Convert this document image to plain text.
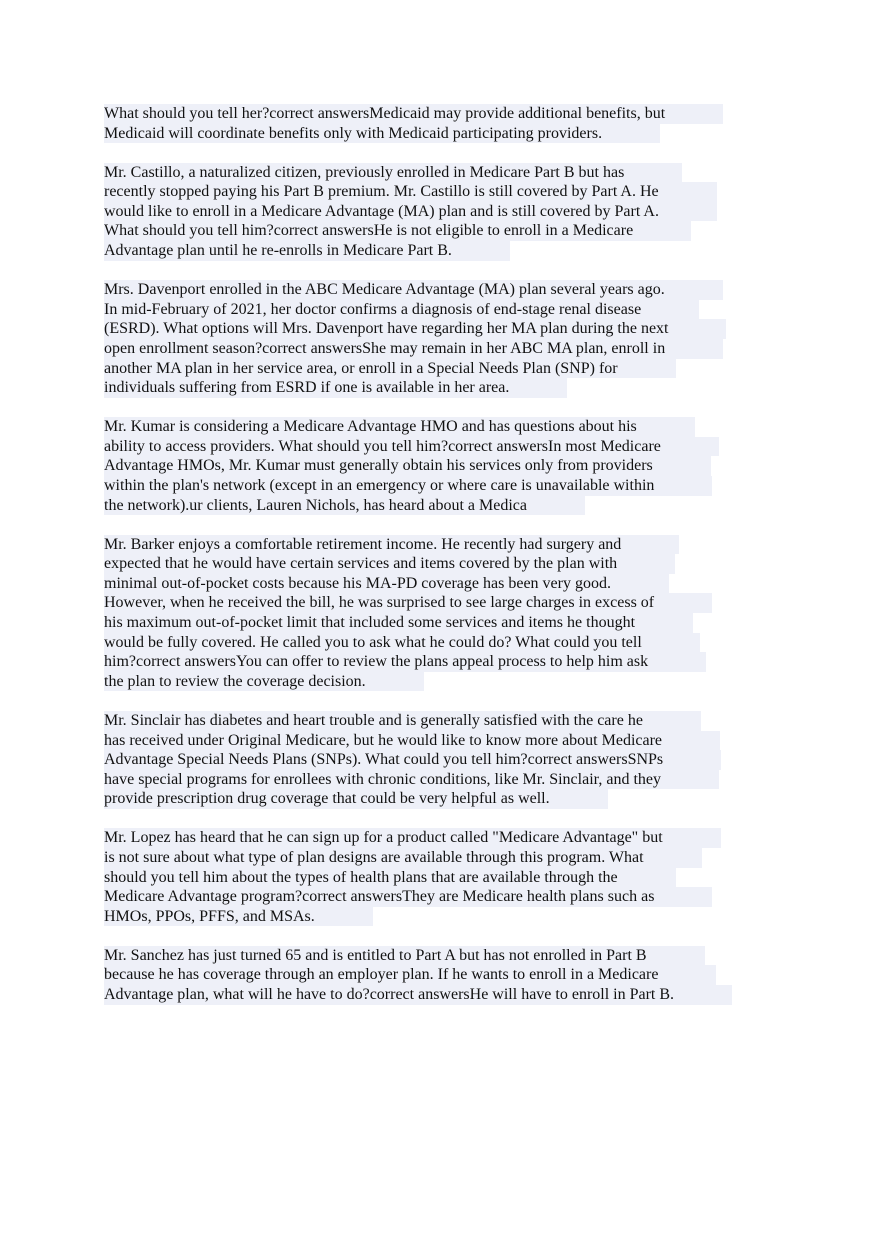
What should you tell her?correct answersMedicaid may provide additional benefits, but
Medicaid will coordinate benefits only with Medicaid participating providers.

Mr. Castillo, a naturalized citizen, previously enrolled in Medicare Part B but has
recently stopped paying his Part B premium. Mr. Castillo is still covered by Part A. He
would like to enroll in a Medicare Advantage (MA) plan and is still covered by Part A.
What should you tell him?correct answersHe is not eligible to enroll in a Medicare
Advantage plan until he re-enrolls in Medicare Part B.

Mrs. Davenport enrolled in the ABC Medicare Advantage (MA) plan several years ago.
In mid-February of 2021, her doctor confirms a diagnosis of end-stage renal disease
(ESRD). What options will Mrs. Davenport have regarding her MA plan during the next
open enrollment season?correct answersShe may remain in her ABC MA plan, enroll in
another MA plan in her service area, or enroll in a Special Needs Plan (SNP) for
individuals suffering from ESRD if one is available in her area.

Mr. Kumar is considering a Medicare Advantage HMO and has questions about his
ability to access providers. What should you tell him?correct answersIn most Medicare
Advantage HMOs, Mr. Kumar must generally obtain his services only from providers
within the plan's network (except in an emergency or where care is unavailable within
the network).ur clients, Lauren Nichols, has heard about a Medica

Mr. Barker enjoys a comfortable retirement income. He recently had surgery and
expected that he would have certain services and items covered by the plan with
minimal out-of-pocket costs because his MA-PD coverage has been very good.
However, when he received the bill, he was surprised to see large charges in excess of
his maximum out-of-pocket limit that included some services and items he thought
would be fully covered. He called you to ask what he could do? What could you tell
him?correct answersYou can offer to review the plans appeal process to help him ask
the plan to review the coverage decision.

Mr. Sinclair has diabetes and heart trouble and is generally satisfied with the care he
has received under Original Medicare, but he would like to know more about Medicare
Advantage Special Needs Plans (SNPs). What could you tell him?correct answersSNPs
have special programs for enrollees with chronic conditions, like Mr. Sinclair, and they
provide prescription drug coverage that could be very helpful as well.

Mr. Lopez has heard that he can sign up for a product called "Medicare Advantage" but
is not sure about what type of plan designs are available through this program. What
should you tell him about the types of health plans that are available through the
Medicare Advantage program?correct answersThey are Medicare health plans such as
HMOs, PPOs, PFFS, and MSAs.

Mr. Sanchez has just turned 65 and is entitled to Part A but has not enrolled in Part B
because he has coverage through an employer plan. If he wants to enroll in a Medicare
Advantage plan, what will he have to do?correct answersHe will have to enroll in Part B.
